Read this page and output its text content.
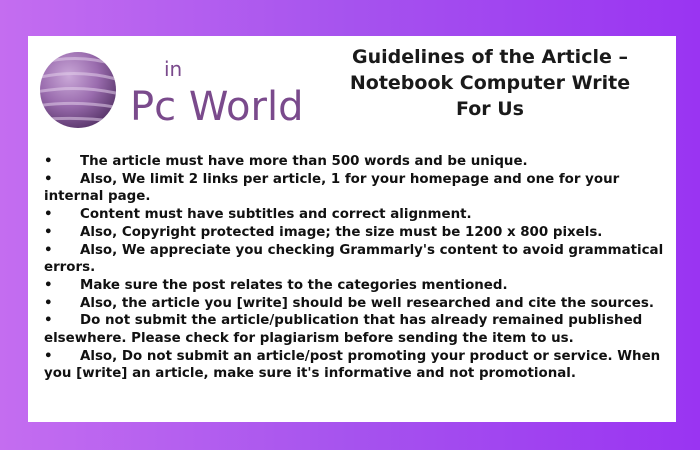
in
Pc World
Guidelines of the Article –
Notebook Computer Write
For Us
• The article must have more than 500 words and be unique.
• Also, We limit 2 links per article, 1 for your homepage and one for your internal page.
• Content must have subtitles and correct alignment.
• Also, Copyright protected image; the size must be 1200 x 800 pixels.
• Also, We appreciate you checking Grammarly's content to avoid grammatical errors.
• Make sure the post relates to the categories mentioned.
• Also, the article you [write] should be well researched and cite the sources.
• Do not submit the article/publication that has already remained published elsewhere. Please check for plagiarism before sending the item to us.
• Also, Do not submit an article/post promoting your product or service. When you [write] an article, make sure it's informative and not promotional.
